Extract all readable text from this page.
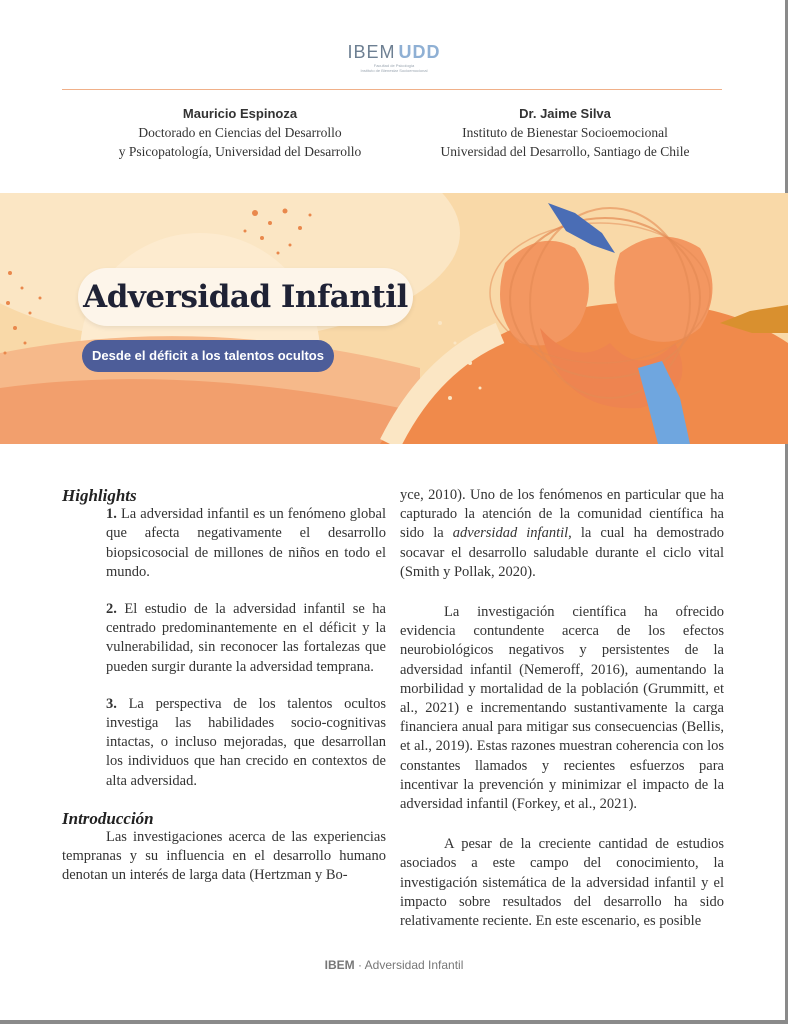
IBEM UDD
Facultad de Psicología
Instituto de Bienestar Socioemocional
Mauricio Espinoza
Doctorado en Ciencias del Desarrollo
y Psicopatología, Universidad del Desarrollo
Dr. Jaime Silva
Instituto de Bienestar Socioemocional
Universidad del Desarrollo, Santiago de Chile
Adversidad Infantil
Desde el déficit a los talentos ocultos

Highlights

1. La adversidad infantil es un fenómeno global que afecta negativamente el desarrollo biopsicosocial de millones de niños en todo el mundo.

2. El estudio de la adversidad infantil se ha centrado predominantemente en el déficit y la vulnerabilidad, sin reconocer las fortalezas que pueden surgir durante la adversidad temprana.

3. La perspectiva de los talentos ocultos investiga las habilidades socio-cognitivas intactas, o incluso mejoradas, que desarrollan los individuos que han crecido en contextos de alta adversidad.

Introducción

Las investigaciones acerca de las experiencias tempranas y su influencia en el desarrollo humano denotan un interés de larga data (Hertzman y Bo-

yce, 2010). Uno de los fenómenos en particular que ha capturado la atención de la comunidad científica ha sido la adversidad infantil, la cual ha demostrado socavar el desarrollo saludable durante el ciclo vital (Smith y Pollak, 2020).

La investigación científica ha ofrecido evidencia contundente acerca de los efectos neurobiológicos negativos y persistentes de la adversidad infantil (Nemeroff, 2016), aumentando la morbilidad y mortalidad de la población (Grummitt, et al., 2021) e incrementando sustantivamente la carga financiera anual para mitigar sus consecuencias (Bellis, et al., 2019). Estas razones muestran coherencia con los constantes llamados y recientes esfuerzos para incentivar la prevención y minimizar el impacto de la adversidad infantil (Forkey, et al., 2021).

A pesar de la creciente cantidad de estudios asociados a este campo del conocimiento, la investigación sistemática de la adversidad infantil y el impacto sobre resultados del desarrollo ha sido relativamente reciente. En este escenario, es posible

IBEM · Adversidad Infantil
